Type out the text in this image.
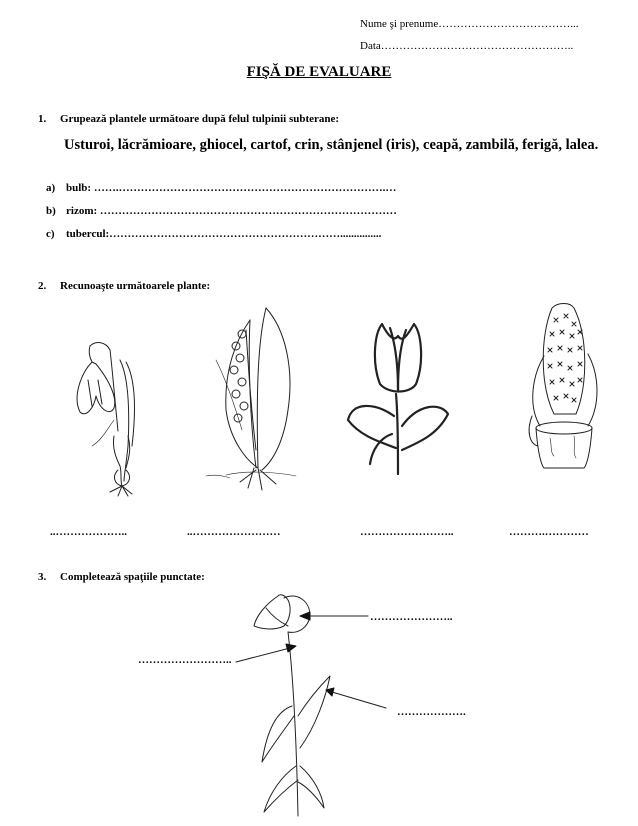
Nume şi prenume………………………………...
Data……………………………………………..
FIŞĂ DE EVALUARE
1. Grupează plantele următoare după felul tulpinii subterane:
Usturoi, lăcrămioare, ghiocel, cartof, crin, stânjenel (iris), ceapă, zambilă, ferigă, lalea.
a) bulb: …….……………………………………………………………….…
b) rizom: ………………………………………………………………………
c) tubercul:………………………………………………………...............
2. Recunoaşte următoarele plante:
..………………..	..……………………	……………………..	……….…………
3. Completează spaţiile punctate:
…………………..
……………………..
……………….
